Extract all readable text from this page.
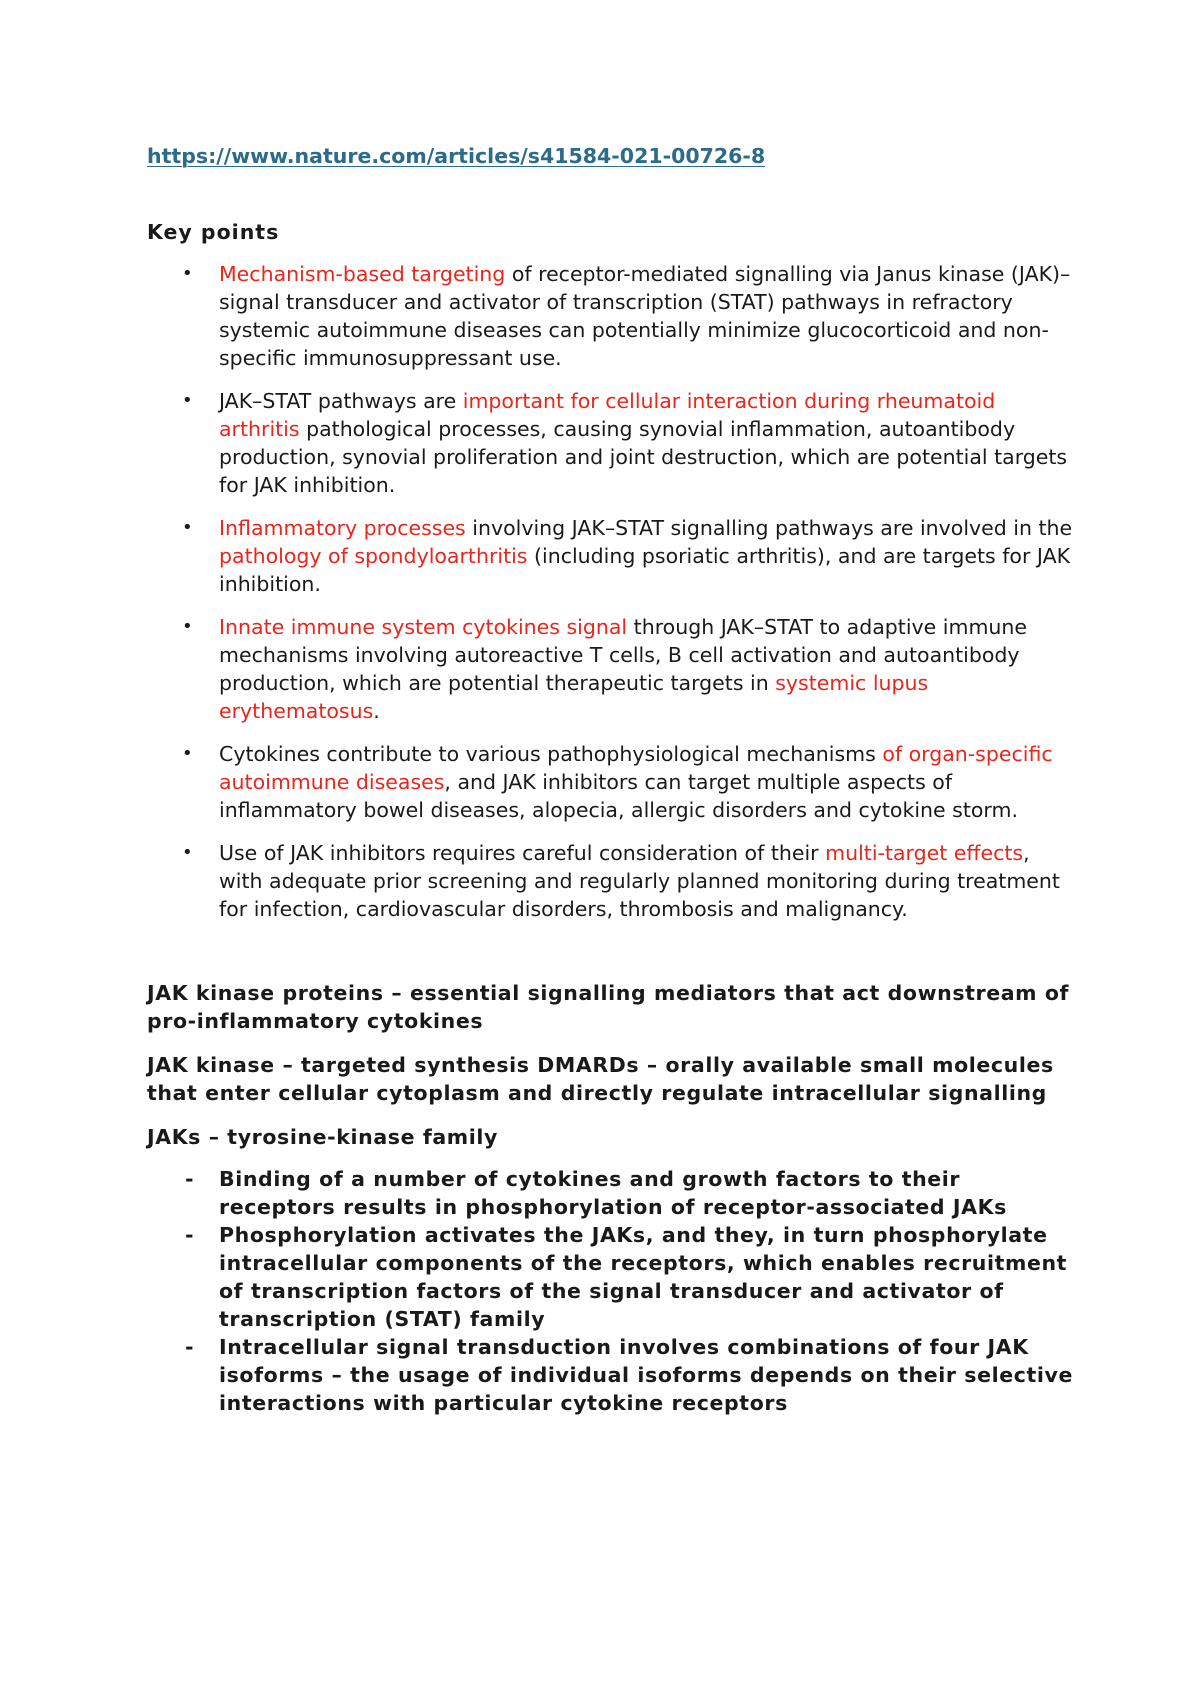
https://www.nature.com/articles/s41584-021-00726-8

Key points

• Mechanism-based targeting of receptor-mediated signalling via Janus kinase (JAK)–signal transducer and activator of transcription (STAT) pathways in refractory systemic autoimmune diseases can potentially minimize glucocorticoid and non-specific immunosuppressant use.
• JAK–STAT pathways are important for cellular interaction during rheumatoid arthritis pathological processes, causing synovial inflammation, autoantibody production, synovial proliferation and joint destruction, which are potential targets for JAK inhibition.
• Inflammatory processes involving JAK–STAT signalling pathways are involved in the pathology of spondyloarthritis (including psoriatic arthritis), and are targets for JAK inhibition.
• Innate immune system cytokines signal through JAK–STAT to adaptive immune mechanisms involving autoreactive T cells, B cell activation and autoantibody production, which are potential therapeutic targets in systemic lupus erythematosus.
• Cytokines contribute to various pathophysiological mechanisms of organ-specific autoimmune diseases, and JAK inhibitors can target multiple aspects of inflammatory bowel diseases, alopecia, allergic disorders and cytokine storm.
• Use of JAK inhibitors requires careful consideration of their multi-target effects, with adequate prior screening and regularly planned monitoring during treatment for infection, cardiovascular disorders, thrombosis and malignancy.

JAK kinase proteins – essential signalling mediators that act downstream of pro-inflammatory cytokines

JAK kinase – targeted synthesis DMARDs – orally available small molecules that enter cellular cytoplasm and directly regulate intracellular signalling

JAKs – tyrosine-kinase family

- Binding of a number of cytokines and growth factors to their receptors results in phosphorylation of receptor-associated JAKs
- Phosphorylation activates the JAKs, and they, in turn phosphorylate intracellular components of the receptors, which enables recruitment of transcription factors of the signal transducer and activator of transcription (STAT) family
- Intracellular signal transduction involves combinations of four JAK isoforms – the usage of individual isoforms depends on their selective interactions with particular cytokine receptors
